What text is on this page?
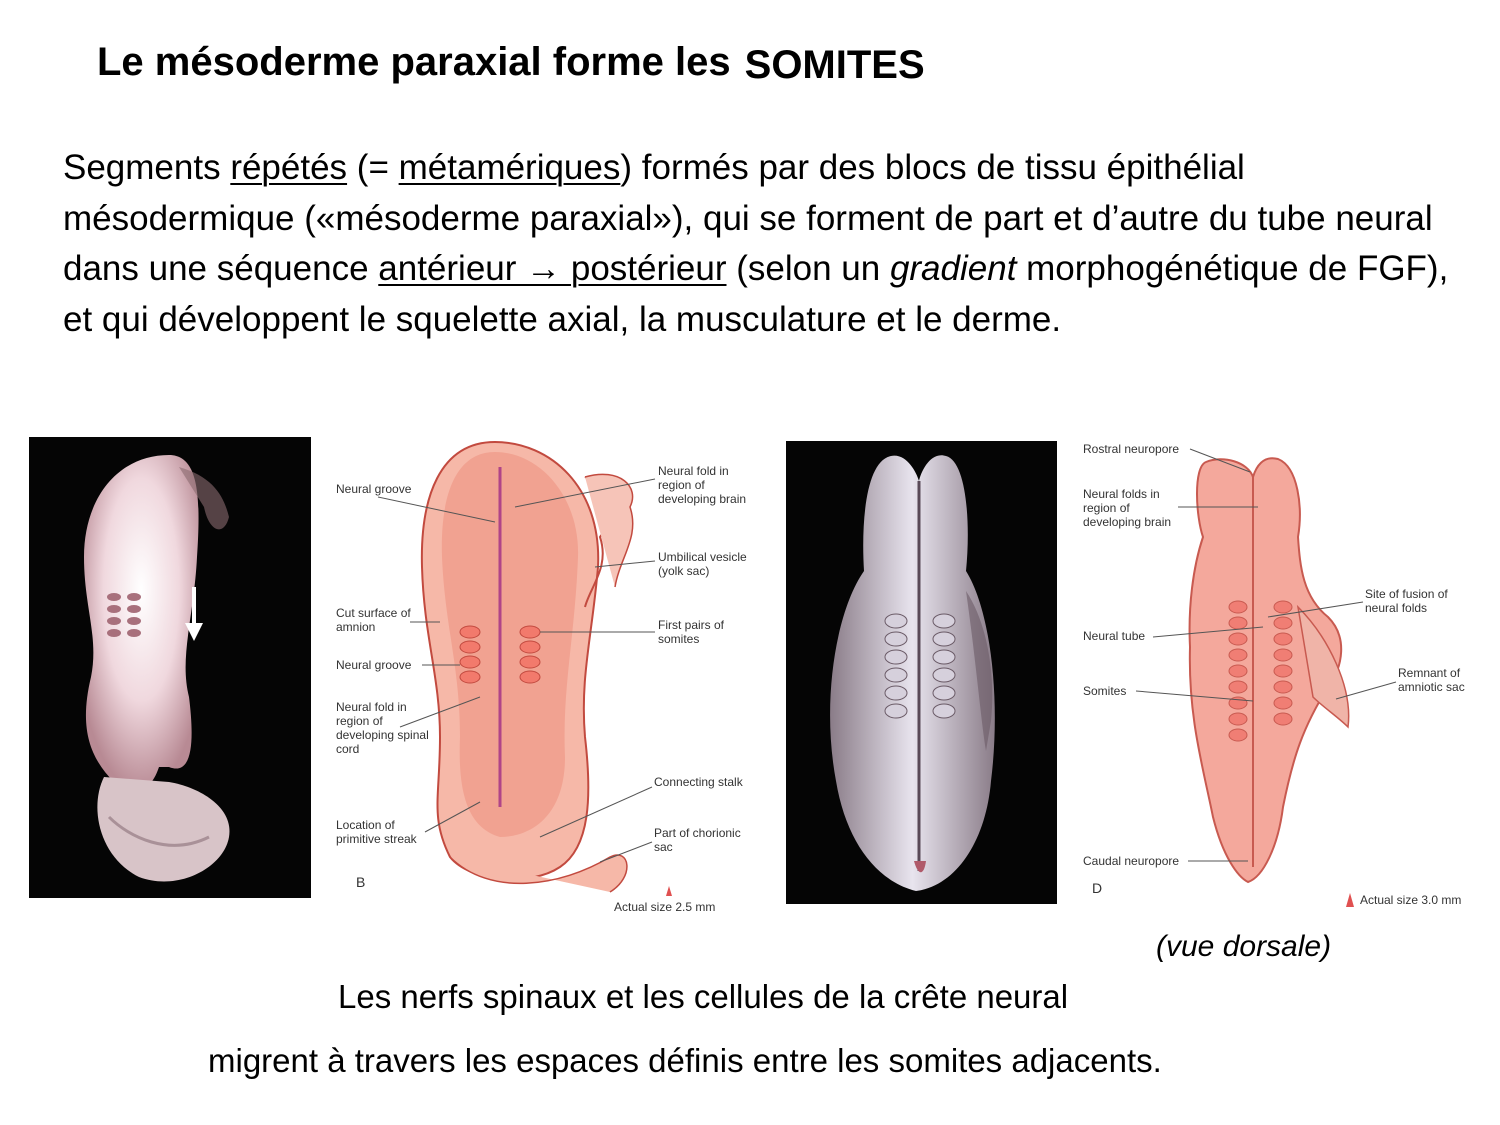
Le mésoderme paraxial forme les SOMITES
Segments répétés (= métamériques) formés par des blocs de tissu épithélial mésodermique («mésoderme paraxial»), qui se forment de part et d’autre du tube neural dans une séquence antérieur → postérieur (selon un gradient morphogénétique de FGF), et qui développent le squelette axial, la musculature et le derme.
Neural groove
Neural fold in region of developing brain
Umbilical vesicle (yolk sac)
Cut surface of amnion	First pairs of somites
Neural groove
Neural fold in region of developing spinal cord
Connecting stalk
Location of primitive streak	Part of chorionic sac
B
Actual size 2.5 mm
Rostral neuropore
Neural folds in region of developing brain
Site of fusion of neural folds
Neural tube
Remnant of amniotic sac
Somites
Caudal neuropore
D
Actual size 3.0 mm
(vue dorsale)
Les nerfs spinaux et les cellules de la crête neural
migrent à travers les espaces définis entre les somites adjacents.
